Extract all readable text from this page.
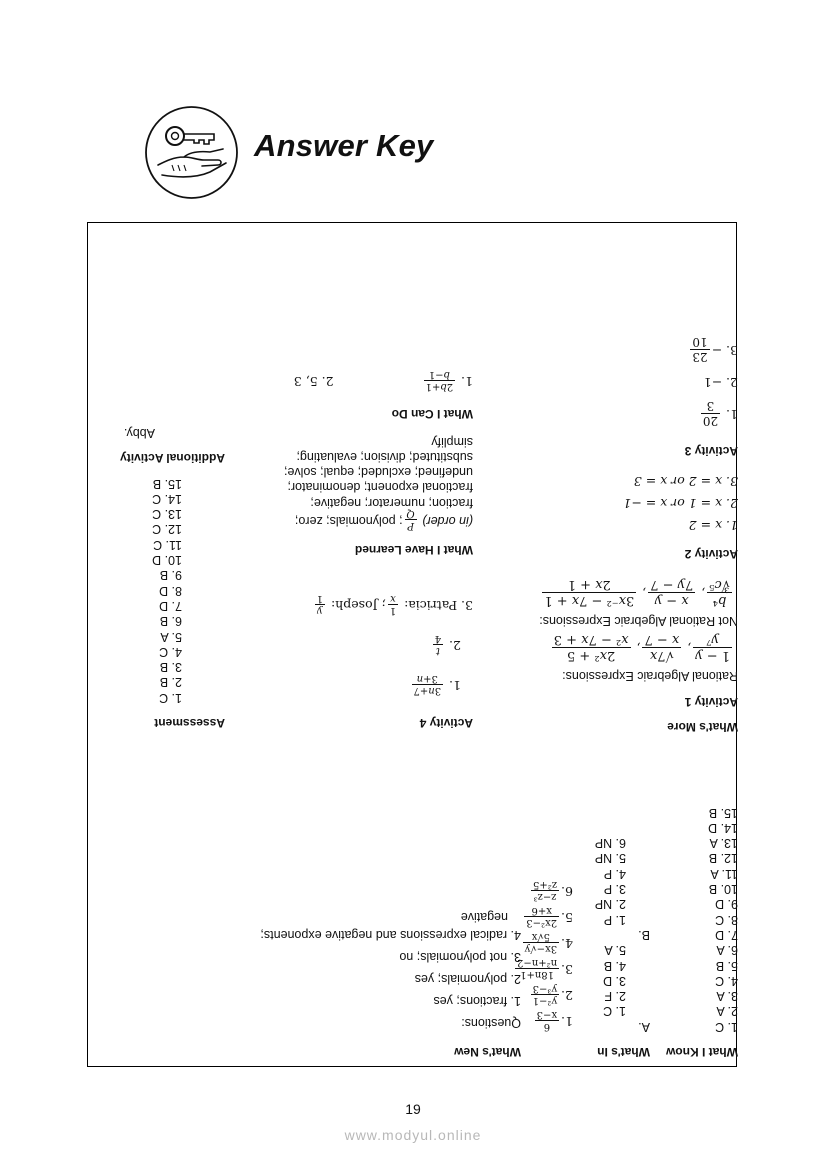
Answer Key
What I Know
1. C
2. A
3. A
4. C
5. B
6. A
7. D
8. C
9. D
10. B
11. A
12. B
13. A
14. D
15. B
What's In
A.
1. C
2. F
3. D
4. B
5. A
B.
1. P
2. NP
3. P
4. P
5. NP
6. NP
What's New
Questions:
1. fractions; yes
2. polynomials; yes
3. not polynomials; no
4. radical expressions and negative exponents;
negative
1.
6
x−3
2.
y²−1
y³−3
3.
18n+1
n²+n−2
4.
3x−√y
5√x
5.
2x²−3
x+6
6.
z−z³
z²+5
What's More
Activity 1
Rational Algebraic Expressions:
1 − y
y⁷
,
√7x
x − 7
,
2x² + 5
x² − 7x + 3
Not Rational Algebraic Expressions:
b⁴
∛c⁵
,
x − y
7y − 7
,
3x⁻² − 7x + 1
2x + 1
Activity 2
1. x = 2
2. x = 1 or x = −1
3. x = 2 or x = 3
Activity 3
1.
20
3
2. −1
3. −
23
10
Activity 4
1.
3n+7
3+n
2.
t
4
3. Patricia:
1
x
; Joseph:
y
1
What I Have Learned
(in order)
P
Q
; polynomials; zero;
fraction; numerator; negative;
fractional exponent; denominator;
undefined; excluded; equal; solve;
substituted; division; evaluating;
simplify
What I Can Do
1.
2b+1
b−1
2. 5, 3
Assessment
1. C
2. B
3. B
4. C
5. A
6. B
7. D
8. D
9. B
10. D
11. C
12. C
13. C
14. C
15. B
Additional Activity
Abby.
19
www.modyul.online
